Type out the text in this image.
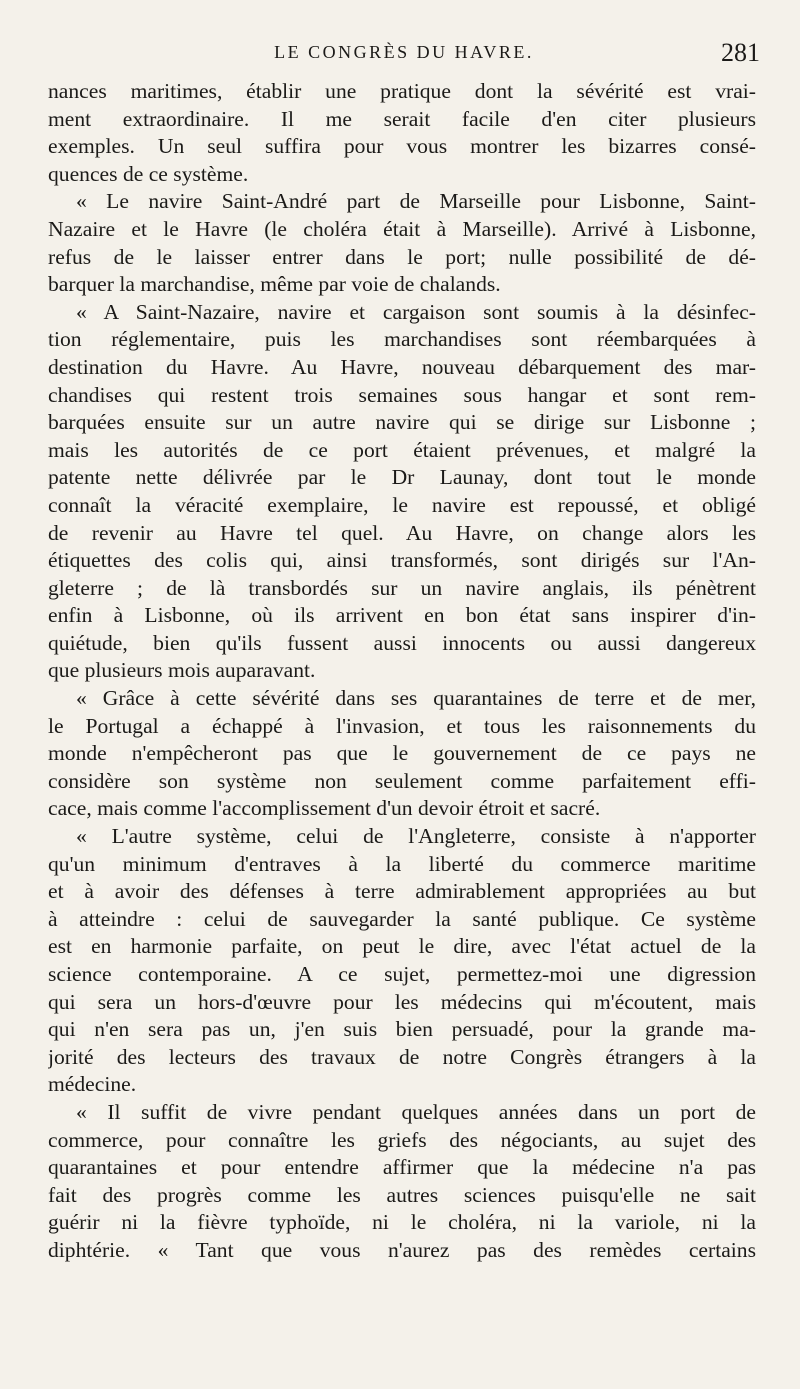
LE CONGRÈS DU HAVRE.	281
nances maritimes, établir une pratique dont la sévérité est vrai-
ment extraordinaire. Il me serait facile d'en citer plusieurs
exemples. Un seul suffira pour vous montrer les bizarres consé-
quences de ce système.
« Le navire Saint-André part de Marseille pour Lisbonne, Saint-
Nazaire et le Havre (le choléra était à Marseille). Arrivé à Lisbonne,
refus de le laisser entrer dans le port; nulle possibilité de dé-
barquer la marchandise, même par voie de chalands.
« A Saint-Nazaire, navire et cargaison sont soumis à la désinfec-
tion réglementaire, puis les marchandises sont réembarquées à
destination du Havre. Au Havre, nouveau débarquement des mar-
chandises qui restent trois semaines sous hangar et sont rem-
barquées ensuite sur un autre navire qui se dirige sur Lisbonne ;
mais les autorités de ce port étaient prévenues, et malgré la
patente nette délivrée par le Dr Launay, dont tout le monde
connaît la véracité exemplaire, le navire est repoussé, et obligé
de revenir au Havre tel quel. Au Havre, on change alors les
étiquettes des colis qui, ainsi transformés, sont dirigés sur l'An-
gleterre ; de là transbordés sur un navire anglais, ils pénètrent
enfin à Lisbonne, où ils arrivent en bon état sans inspirer d'in-
quiétude, bien qu'ils fussent aussi innocents ou aussi dangereux
que plusieurs mois auparavant.
« Grâce à cette sévérité dans ses quarantaines de terre et de mer,
le Portugal a échappé à l'invasion, et tous les raisonnements du
monde n'empêcheront pas que le gouvernement de ce pays ne
considère son système non seulement comme parfaitement effi-
cace, mais comme l'accomplissement d'un devoir étroit et sacré.
« L'autre système, celui de l'Angleterre, consiste à n'apporter
qu'un minimum d'entraves à la liberté du commerce maritime
et à avoir des défenses à terre admirablement appropriées au but
à atteindre : celui de sauvegarder la santé publique. Ce système
est en harmonie parfaite, on peut le dire, avec l'état actuel de la
science contemporaine. A ce sujet, permettez-moi une digression
qui sera un hors-d'œuvre pour les médecins qui m'écoutent, mais
qui n'en sera pas un, j'en suis bien persuadé, pour la grande ma-
jorité des lecteurs des travaux de notre Congrès étrangers à la
médecine.
« Il suffit de vivre pendant quelques années dans un port de
commerce, pour connaître les griefs des négociants, au sujet des
quarantaines et pour entendre affirmer que la médecine n'a pas
fait des progrès comme les autres sciences puisqu'elle ne sait
guérir ni la fièvre typhoïde, ni le choléra, ni la variole, ni la
diphtérie. « Tant que vous n'aurez pas des remèdes certains
